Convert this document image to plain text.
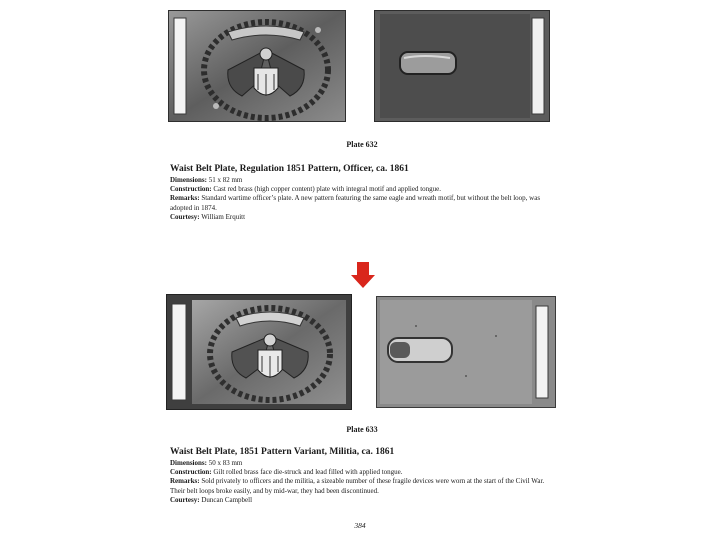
Plate 632
Waist Belt Plate, Regulation 1851 Pattern, Officer, ca. 1861
Dimensions: 51 x 82 mm
Construction: Cast red brass (high copper content) plate with integral motif and applied tongue.
Remarks: Standard wartime officer’s plate. A new pattern featuring the same eagle and wreath motif, but without the belt loop, was adopted in 1874.
Courtesy: William Erquitt
Plate 633
Waist Belt Plate, 1851 Pattern Variant, Militia, ca. 1861
Dimensions: 50 x 83 mm
Construction: Gilt rolled brass face die-struck and lead filled with applied tongue.
Remarks: Sold privately to officers and the militia, a sizeable number of these fragile devices were worn at the start of the Civil War. Their belt loops broke easily, and by mid-war, they had been discontinued.
Courtesy: Duncan Campbell
384
